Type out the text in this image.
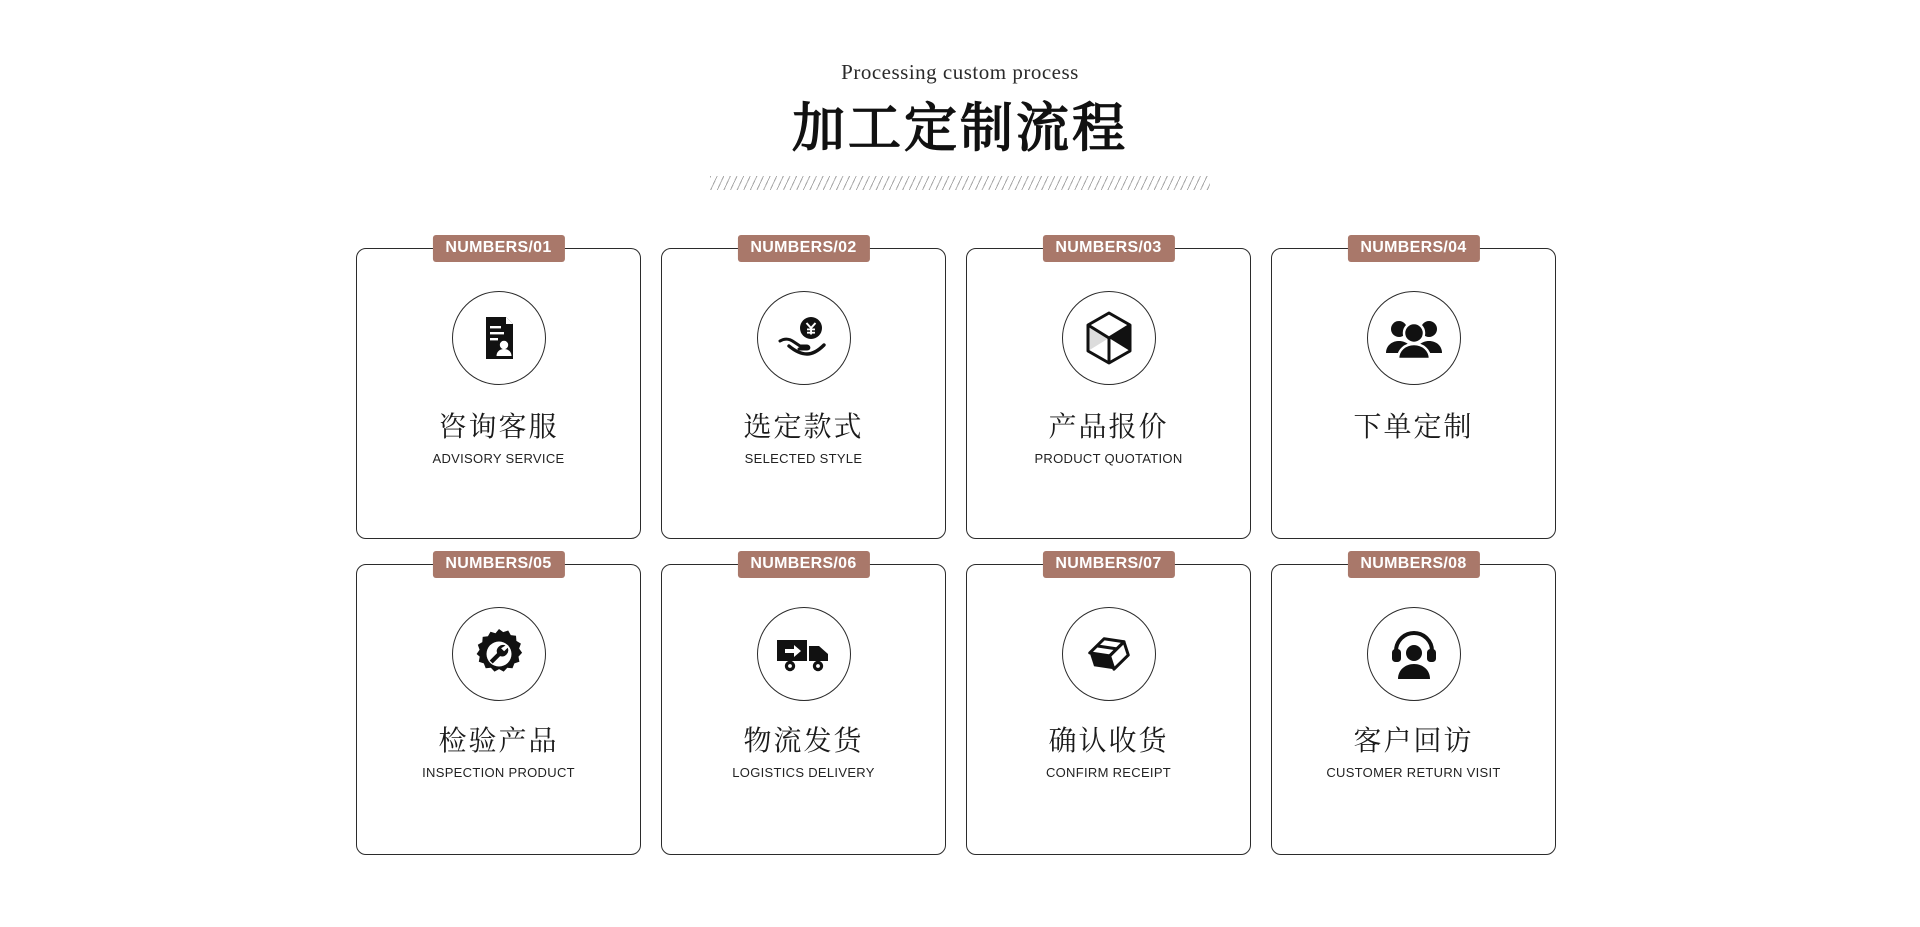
Processing custom process
加工定制流程
NUMBERS/01
咨询客服
ADVISORY SERVICE
NUMBERS/02
选定款式
SELECTED STYLE
NUMBERS/03
产品报价
PRODUCT QUOTATION
NUMBERS/04
下单定制
NUMBERS/05
检验产品
INSPECTION PRODUCT
NUMBERS/06
物流发货
LOGISTICS DELIVERY
NUMBERS/07
确认收货
CONFIRM RECEIPT
NUMBERS/08
客户回访
CUSTOMER RETURN VISIT
